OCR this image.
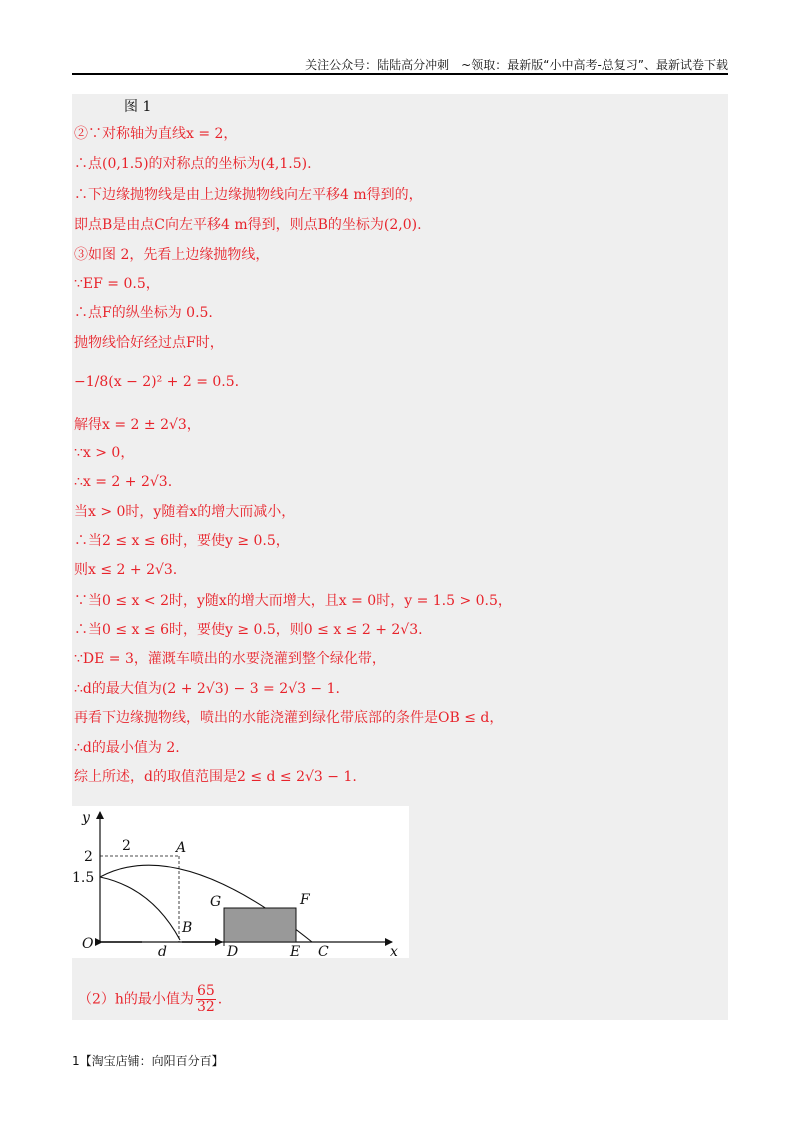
关注公众号：陆陆高分冲刺　~领取：最新版“小中高考-总复习”、最新试卷下载
图 1
②∵对称轴为直线x = 2，
∴点(0,1.5)的对称点的坐标为(4,1.5).
∴下边缘抛物线是由上边缘抛物线向左平移4 m得到的，
即点B是由点C向左平移4 m得到，则点B的坐标为(2,0).
③如图 2，先看上边缘抛物线，
∵EF = 0.5，
∴点F的纵坐标为 0.5.
抛物线恰好经过点F时，
−1/8(x − 2)² + 2 = 0.5.
解得x = 2 ± 2√3，
∵x > 0，
∴x = 2 + 2√3.
当x > 0时，y随着x的增大而减小，
∴当2 ≤ x ≤ 6时，要使y ≥ 0.5，
则x ≤ 2 + 2√3.
∵当0 ≤ x < 2时，y随x的增大而增大，且x = 0时，y = 1.5 > 0.5，
∴当0 ≤ x ≤ 6时，要使y ≥ 0.5，则0 ≤ x ≤ 2 + 2√3.
∵DE = 3，灌溉车喷出的水要浇灌到整个绿化带，
∴d的最大值为(2 + 2√3) − 3 = 2√3 − 1.
再看下边缘抛物线，喷出的水能浇灌到绿化带底部的条件是OB ≤ d，
∴d的最小值为 2.
综上所述，d的取值范围是2 ≤ d ≤ 2√3 − 1.
y
x
O
2
2
1.5
A
B
G	F
D	E C
d
（2）h的最小值为 $\frac{65}{32}$ .
1【淘宝店铺：向阳百分百】
